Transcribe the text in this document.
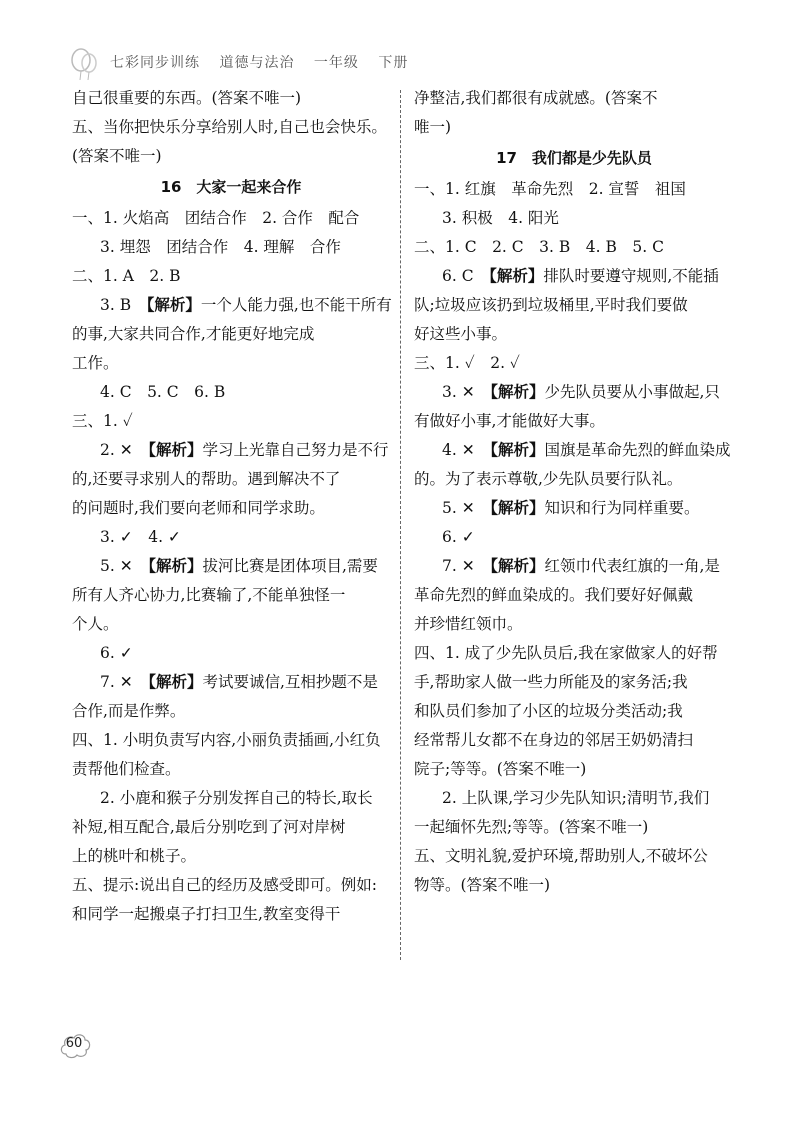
七彩同步训练 道德与法治 一年级 下册
自己很重要的东西。(答案不唯一)
五、当你把快乐分享给别人时,自己也会快乐。
(答案不唯一)
16　大家一起来合作
一、1. 火焰高　团结合作　2. 合作　配合
3. 埋怨　团结合作　4. 理解　合作
二、1. A　2. B
3. B　【解析】一个人能力强,也不能干所有
的事,大家共同合作,才能更好地完成
工作。
4. C　5. C　6. B
三、1. ✓
2. ✕　【解析】学习上光靠自己努力是不行
的,还要寻求别人的帮助。遇到解决不了
的问题时,我们要向老师和同学求助。
3. ✓　4. ✓
5. ✕　【解析】拔河比赛是团体项目,需要
所有人齐心协力,比赛输了,不能单独怪一
个人。
6. ✓
7. ✕　【解析】考试要诚信,互相抄题不是
合作,而是作弊。
四、1. 小明负责写内容,小丽负责插画,小红负
责帮他们检查。
2. 小鹿和猴子分别发挥自己的特长,取长
补短,相互配合,最后分别吃到了河对岸树
上的桃叶和桃子。
五、提示:说出自己的经历及感受即可。例如:
和同学一起搬桌子打扫卫生,教室变得干
净整洁,我们都很有成就感。(答案不
唯一)
17　我们都是少先队员
一、1. 红旗　革命先烈　2. 宣誓　祖国
3. 积极　4. 阳光
二、1. C　2. C　3. B　4. B　5. C
6. C　【解析】排队时要遵守规则,不能插
队;垃圾应该扔到垃圾桶里,平时我们要做
好这些小事。
三、1. ✓　2. ✓
3. ✕　【解析】少先队员要从小事做起,只
有做好小事,才能做好大事。
4. ✕　【解析】国旗是革命先烈的鲜血染成
的。为了表示尊敬,少先队员要行队礼。
5. ✕　【解析】知识和行为同样重要。
6. ✓
7. ✕　【解析】红领巾代表红旗的一角,是
革命先烈的鲜血染成的。我们要好好佩戴
并珍惜红领巾。
四、1. 成了少先队员后,我在家做家人的好帮
手,帮助家人做一些力所能及的家务活;我
和队员们参加了小区的垃圾分类活动;我
经常帮儿女都不在身边的邻居王奶奶清扫
院子;等等。(答案不唯一)
2. 上队课,学习少先队知识;清明节,我们
一起缅怀先烈;等等。(答案不唯一)
五、文明礼貌,爱护环境,帮助别人,不破坏公
物等。(答案不唯一)
60
